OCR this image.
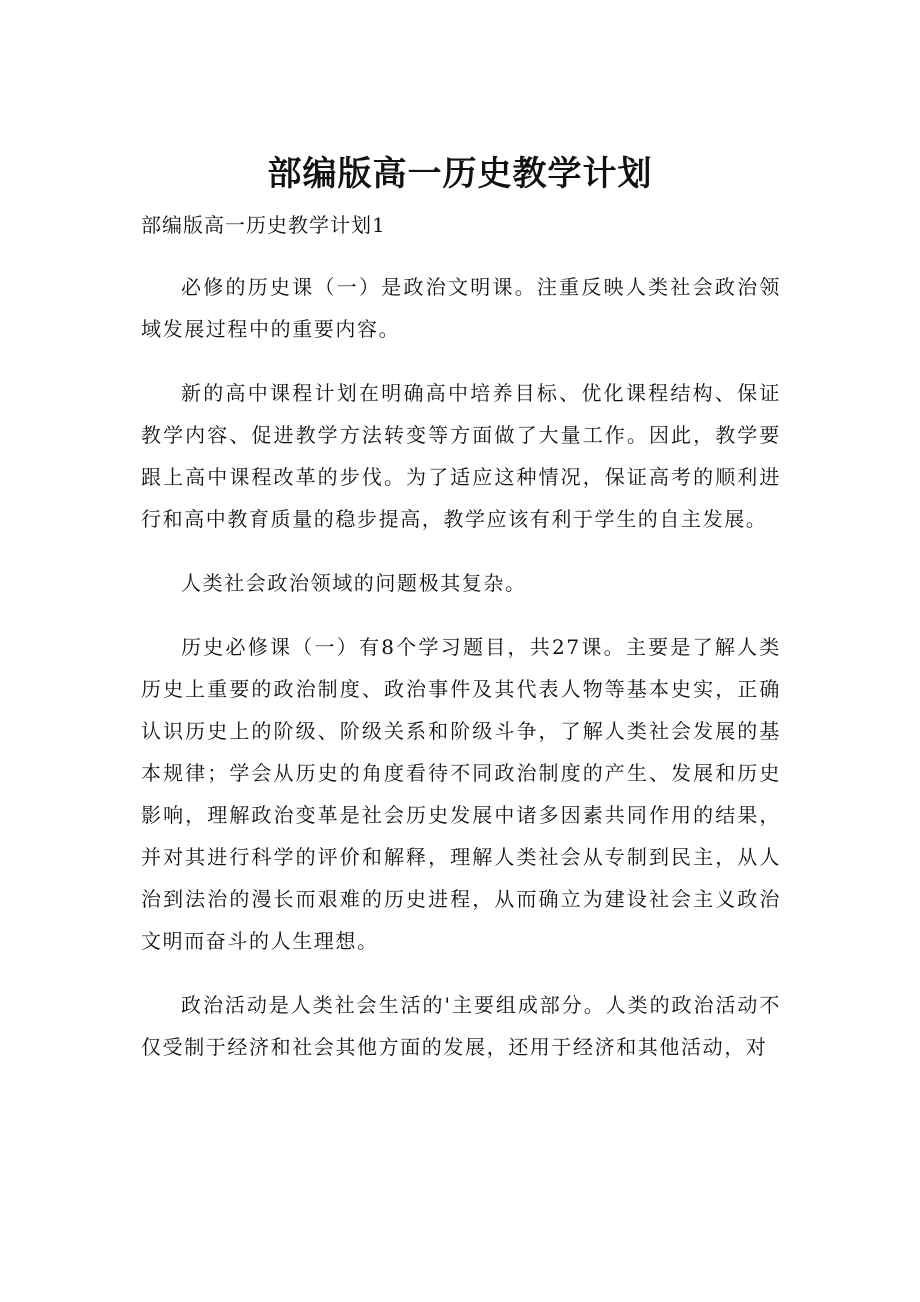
部编版高一历史教学计划

部编版高一历史教学计划1

必修的历史课（一）是政治文明课。注重反映人类社会政治领域发展过程中的重要内容。

新的高中课程计划在明确高中培养目标、优化课程结构、保证教学内容、促进教学方法转变等方面做了大量工作。因此，教学要跟上高中课程改革的步伐。为了适应这种情况，保证高考的顺利进行和高中教育质量的稳步提高，教学应该有利于学生的自主发展。

人类社会政治领域的问题极其复杂。

历史必修课（一）有8个学习题目，共27课。主要是了解人类历史上重要的政治制度、政治事件及其代表人物等基本史实，正确认识历史上的阶级、阶级关系和阶级斗争，了解人类社会发展的基本规律；学会从历史的角度看待不同政治制度的产生、发展和历史影响，理解政治变革是社会历史发展中诸多因素共同作用的结果，并对其进行科学的评价和解释，理解人类社会从专制到民主，从人治到法治的漫长而艰难的历史进程，从而确立为建设社会主义政治文明而奋斗的人生理想。

政治活动是人类社会生活的'主要组成部分。人类的政治活动不仅受制于经济和社会其他方面的发展，还用于经济和其他活动，对
